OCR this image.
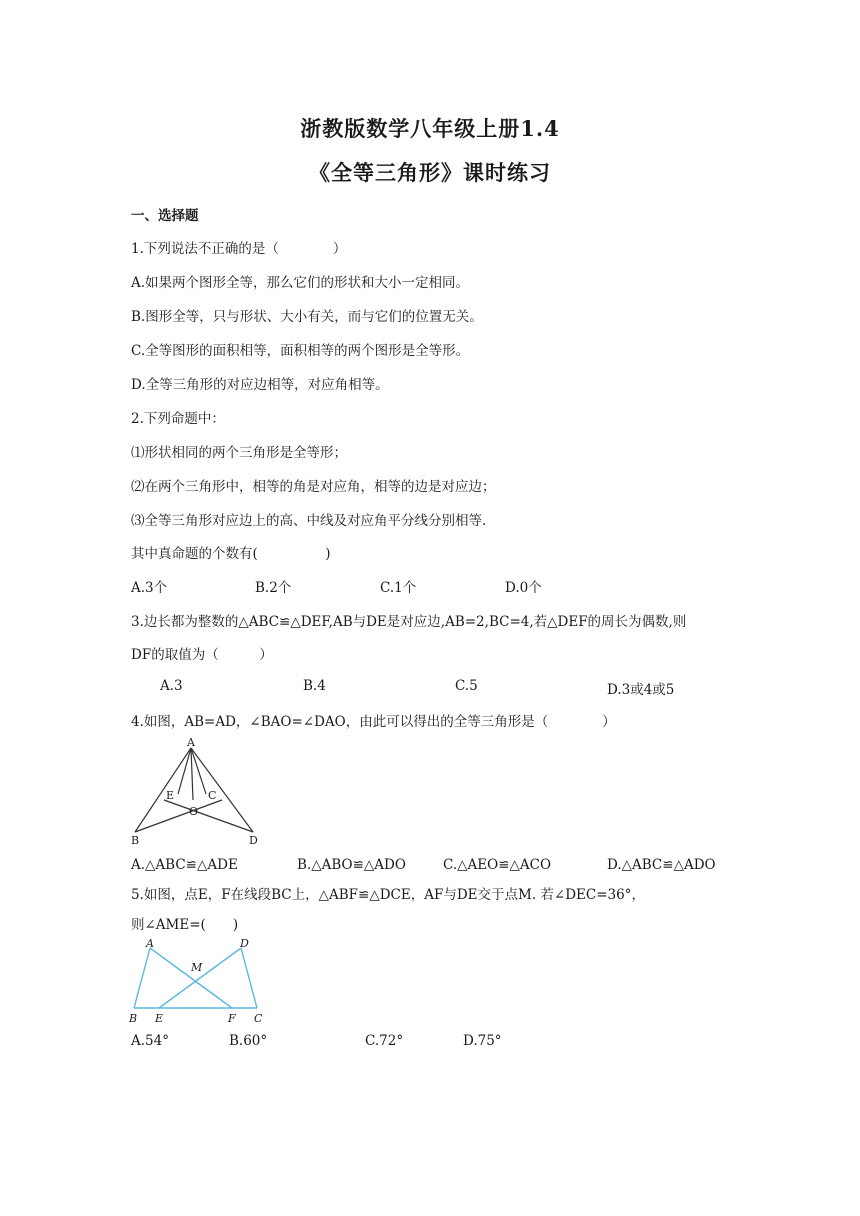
浙教版数学八年级上册1.4
《全等三角形》课时练习
一、选择题
1.下列说法不正确的是（　　　　）
A.如果两个图形全等，那么它们的形状和大小一定相同。
B.图形全等，只与形状、大小有关，而与它们的位置无关。
C.全等图形的面积相等，面积相等的两个图形是全等形。
D.全等三角形的对应边相等，对应角相等。
2.下列命题中：
⑴形状相同的两个三角形是全等形；
⑵在两个三角形中，相等的角是对应角，相等的边是对应边；
⑶全等三角形对应边上的高、中线及对应角平分线分别相等.
其中真命题的个数有(　　　　　)
A.3个	B.2个	C.1个	D.0个
3.边长都为整数的△ABC≌△DEF,AB与DE是对应边,AB=2,BC=4,若△DEF的周长为偶数,则
DF的取值为（　　　）
A.3	B.4	C.5	D.3或4或5
4.如图，AB=AD，∠BAO=∠DAO，由此可以得出的全等三角形是（　　　　）
A
E	C
O
B	D
A.△ABC≌△ADE	B.△ABO≌△ADO	C.△AEO≌△ACO	D.△ABC≌△ADO
5.如图，点E，F在线段BC上，△ABF≌△DCE，AF与DE交于点M. 若∠DEC=36°，
则∠AME=(　　)
A	D
M
B E	F C
A.54°	B.60°	C.72°	D.75°
